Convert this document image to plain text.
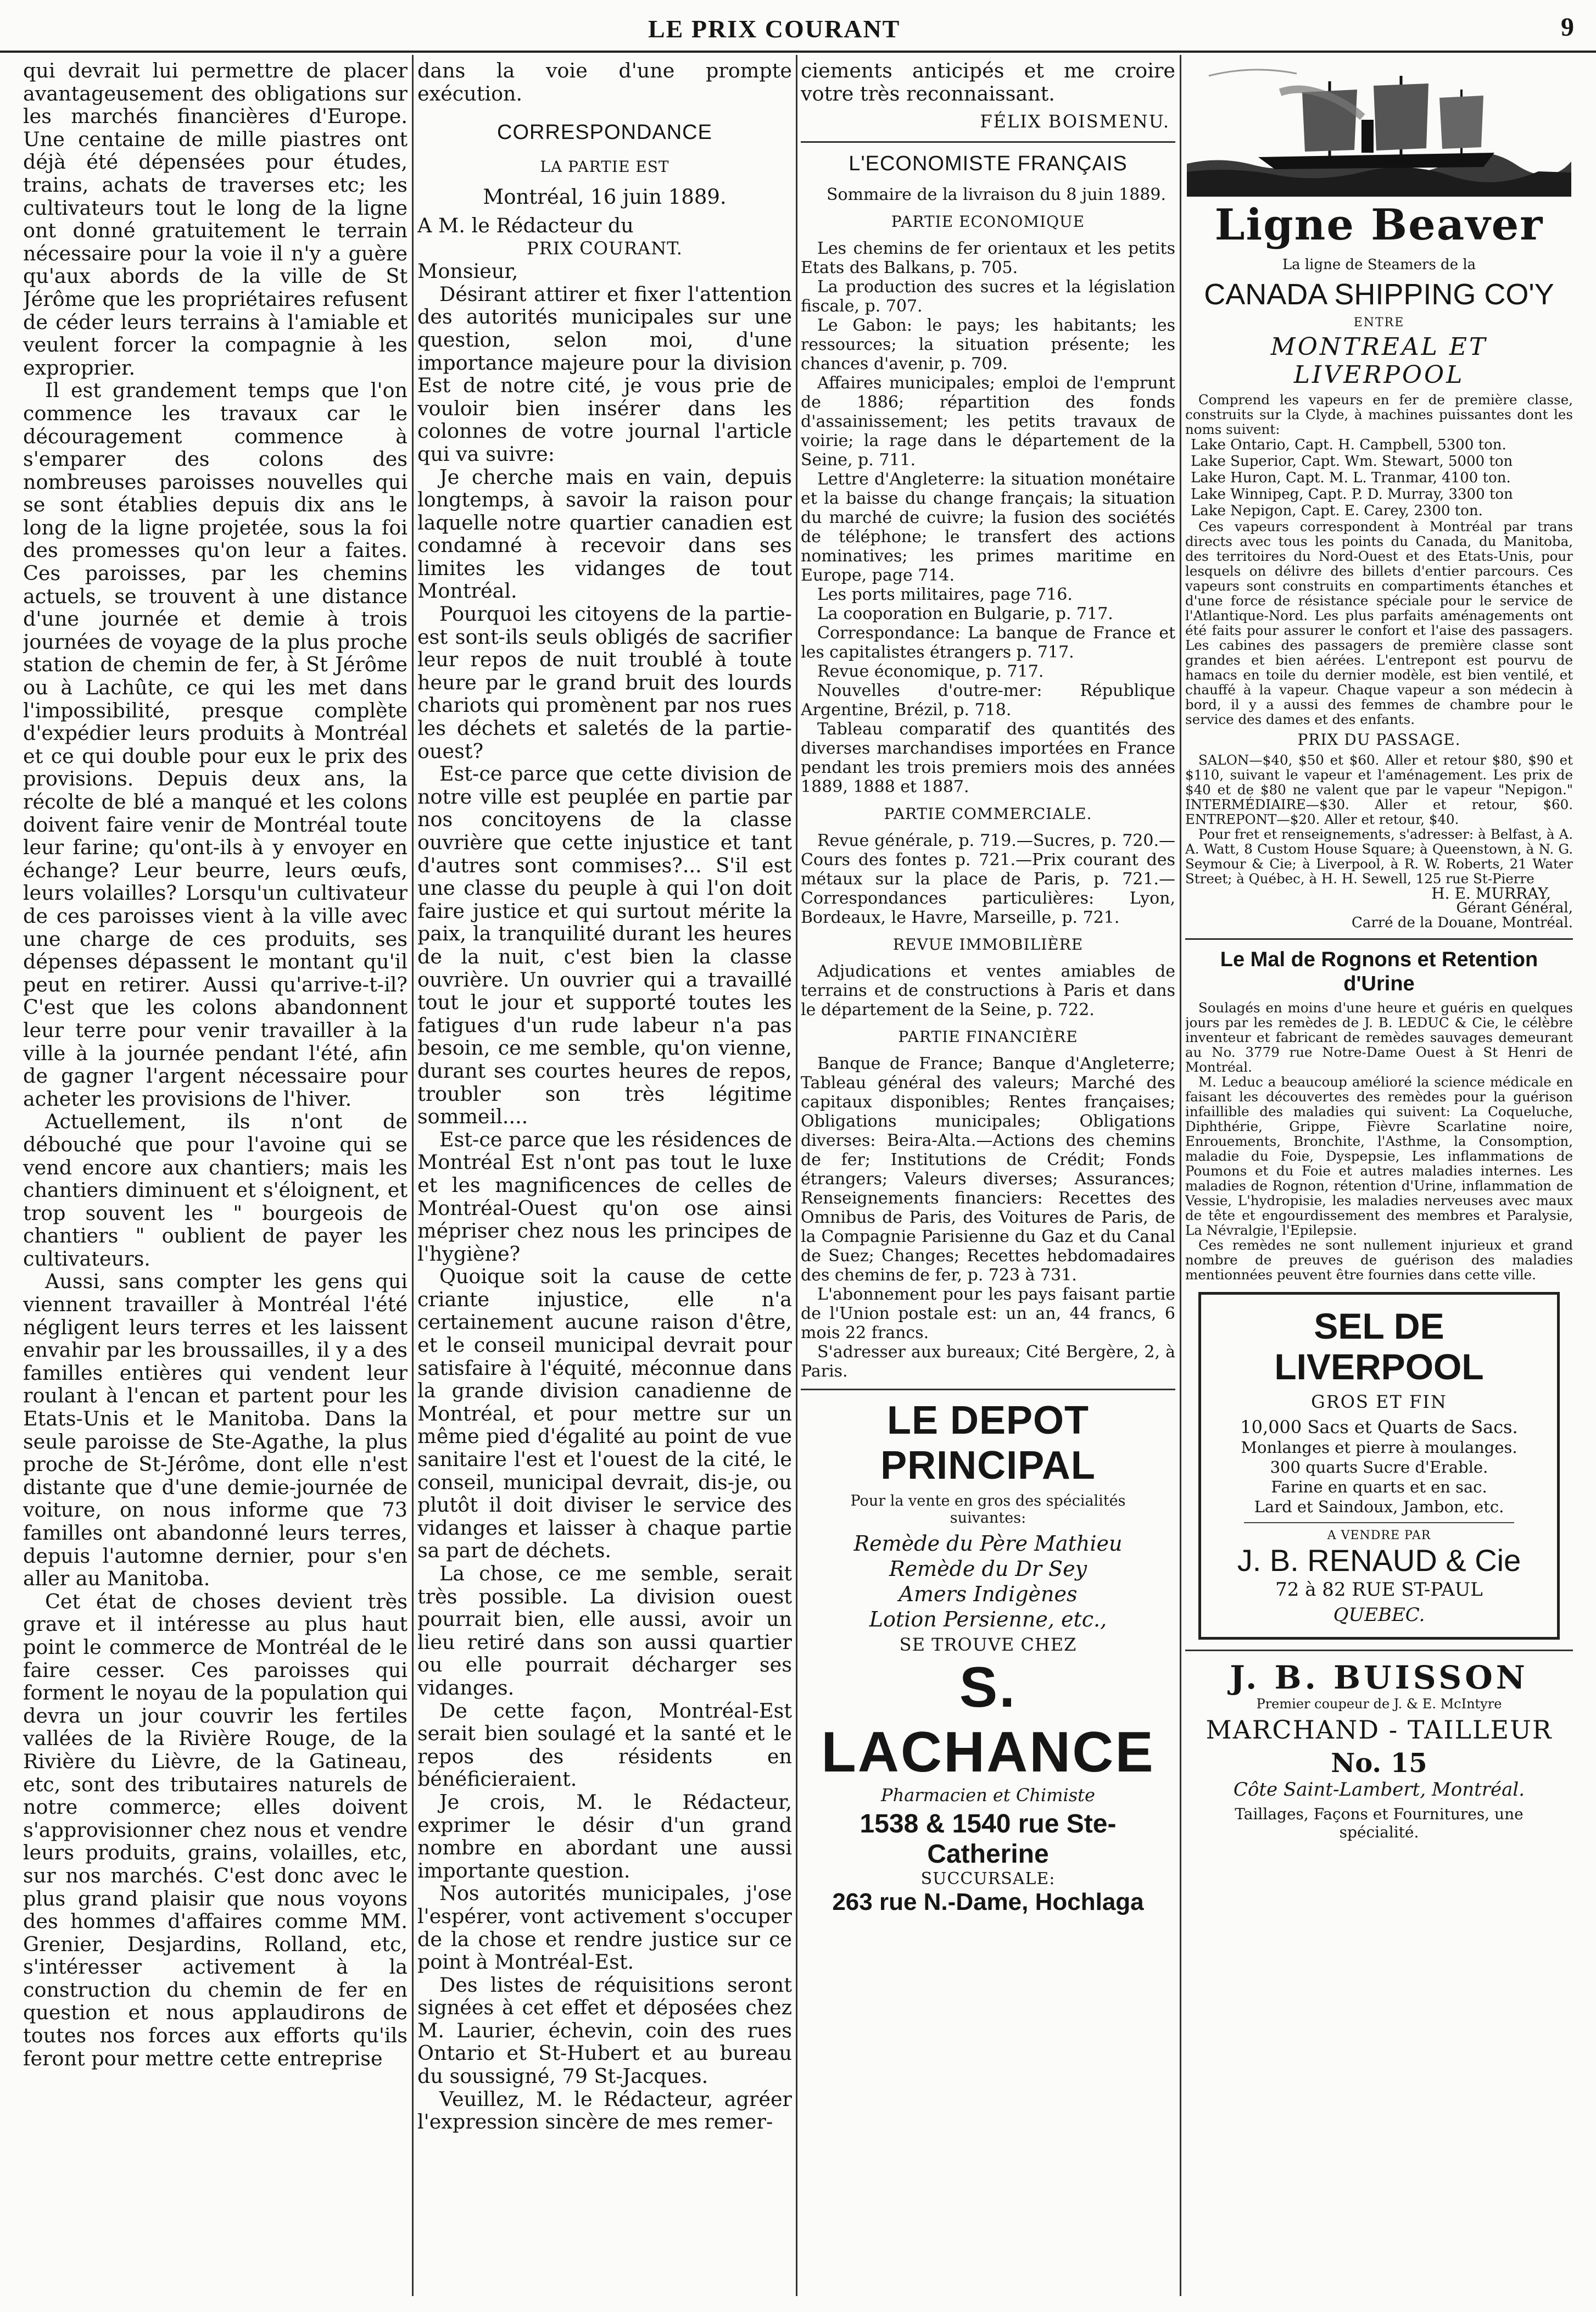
LE PRIX COURANT	9

qui devrait lui permettre de placer avantageusement des obligations sur les marchés financières d'Europe. Une centaine de mille piastres ont déjà été dépensées pour études, trains, achats de traverses etc; les cultivateurs tout le long de la ligne ont donné gratuitement le terrain nécessaire pour la voie il n'y a guère qu'aux abords de la ville de St Jérôme que les propriétaires refusent de céder leurs terrains à l'amiable et veulent forcer la compagnie à les exproprier.

Il est grandement temps que l'on commence les travaux car le découragement commence à s'emparer des colons des nombreuses paroisses nouvelles qui se sont établies depuis dix ans le long de la ligne projetée, sous la foi des promesses qu'on leur a faites. Ces paroisses, par les chemins actuels, se trouvent à une distance d'une journée et demie à trois journées de voyage de la plus proche station de chemin de fer, à St Jérôme ou à Lachûte, ce qui les met dans l'impossibilité, presque complète d'expédier leurs produits à Montréal et ce qui double pour eux le prix des provisions. Depuis deux ans, la récolte de blé a manqué et les colons doivent faire venir de Montréal toute leur farine; qu'ont-ils à y envoyer en échange? Leur beurre, leurs œufs, leurs volailles? Lorsqu'un cultivateur de ces paroisses vient à la ville avec une charge de ces produits, ses dépenses dépassent le montant qu'il peut en retirer. Aussi qu'arrive-t-il? C'est que les colons abandonnent leur terre pour venir travailler à la ville à la journée pendant l'été, afin de gagner l'argent nécessaire pour acheter les provisions de l'hiver.

Actuellement, ils n'ont de débouché que pour l'avoine qui se vend encore aux chantiers; mais les chantiers diminuent et s'éloignent, et trop souvent les " bourgeois de chantiers " oublient de payer les cultivateurs.

Aussi, sans compter les gens qui viennent travailler à Montréal l'été négligent leurs terres et les laissent envahir par les broussailles, il y a des familles entières qui vendent leur roulant à l'encan et partent pour les Etats-Unis et le Manitoba. Dans la seule paroisse de Ste-Agathe, la plus proche de St-Jérôme, dont elle n'est distante que d'une demie-journée de voiture, on nous informe que 73 familles ont abandonné leurs terres, depuis l'automne dernier, pour s'en aller au Manitoba.

Cet état de choses devient très grave et il intéresse au plus haut point le commerce de Montréal de le faire cesser. Ces paroisses qui forment le noyau de la population qui devra un jour couvrir les fertiles vallées de la Rivière Rouge, de la Rivière du Lièvre, de la Gatineau, etc, sont des tributaires naturels de notre commerce; elles doivent s'approvisionner chez nous et vendre leurs produits, grains, volailles, etc, sur nos marchés. C'est donc avec le plus grand plaisir que nous voyons des hommes d'affaires comme MM. Grenier, Desjardins, Rolland, etc, s'intéresser activement à la construction du chemin de fer en question et nous applaudirons de toutes nos forces aux efforts qu'ils feront pour mettre cette entreprise

dans la voie d'une prompte exécution.

CORRESPONDANCE
LA PARTIE EST
Montréal, 16 juin 1889.

A M. le Rédacteur du

PRIX COURANT.

Monsieur,

Désirant attirer et fixer l'attention des autorités municipales sur une question, selon moi, d'une importance majeure pour la division Est de notre cité, je vous prie de vouloir bien insérer dans les colonnes de votre journal l'article qui va suivre:

Je cherche mais en vain, depuis longtemps, à savoir la raison pour laquelle notre quartier canadien est condamné à recevoir dans ses limites les vidanges de tout Montréal.

Pourquoi les citoyens de la partie-est sont-ils seuls obligés de sacrifier leur repos de nuit troublé à toute heure par le grand bruit des lourds chariots qui promènent par nos rues les déchets et saletés de la partie-ouest?

Est-ce parce que cette division de notre ville est peuplée en partie par nos concitoyens de la classe ouvrière que cette injustice et tant d'autres sont commises?... S'il est une classe du peuple à qui l'on doit faire justice et qui surtout mérite la paix, la tranquilité durant les heures de la nuit, c'est bien la classe ouvrière. Un ouvrier qui a travaillé tout le jour et supporté toutes les fatigues d'un rude labeur n'a pas besoin, ce me semble, qu'on vienne, durant ses courtes heures de repos, troubler son très légitime sommeil....

Est-ce parce que les résidences de Montréal Est n'ont pas tout le luxe et les magnificences de celles de Montréal-Ouest qu'on ose ainsi mépriser chez nous les principes de l'hygiène?

Quoique soit la cause de cette criante injustice, elle n'a certainement aucune raison d'être, et le conseil municipal devrait pour satisfaire à l'équité, méconnue dans la grande division canadienne de Montréal, et pour mettre sur un même pied d'égalité au point de vue sanitaire l'est et l'ouest de la cité, le conseil, municipal devrait, dis-je, ou plutôt il doit diviser le service des vidanges et laisser à chaque partie sa part de déchets.

La chose, ce me semble, serait très possible. La division ouest pourrait bien, elle aussi, avoir un lieu retiré dans son aussi quartier ou elle pourrait décharger ses vidanges.

De cette façon, Montréal-Est serait bien soulagé et la santé et le repos des résidents en bénéficieraient.

Je crois, M. le Rédacteur, exprimer le désir d'un grand nombre en abordant une aussi importante question.

Nos autorités municipales, j'ose l'espérer, vont activement s'occuper de la chose et rendre justice sur ce point à Montréal-Est.

Des listes de réquisitions seront signées à cet effet et déposées chez M. Laurier, échevin, coin des rues Ontario et St-Hubert et au bureau du soussigné, 79 St-Jacques.

Veuillez, M. le Rédacteur, agréer l'expression sincère de mes remer-

ciements anticipés et me croire votre très reconnaissant.

FÉLIX BOISMENU.
L'ECONOMISTE FRANÇAIS

Sommaire de la livraison du 8 juin 1889.

PARTIE ECONOMIQUE

Les chemins de fer orientaux et les petits Etats des Balkans, p. 705.

La production des sucres et la législation fiscale, p. 707.

Le Gabon: le pays; les habitants; les ressources; la situation présente; les chances d'avenir, p. 709.

Affaires municipales; emploi de l'emprunt de 1886; répartition des fonds d'assainissement; les petits travaux de voirie; la rage dans le département de la Seine, p. 711.

Lettre d'Angleterre: la situation monétaire et la baisse du change français; la situation du marché de cuivre; la fusion des sociétés de téléphone; le transfert des actions nominatives; les primes maritime en Europe, page 714.

Les ports militaires, page 716.

La cooporation en Bulgarie, p. 717.

Correspondance: La banque de France et les capitalistes étrangers p. 717.

Revue économique, p. 717.

Nouvelles d'outre-mer: République Argentine, Brézil, p. 718.

Tableau comparatif des quantités des diverses marchandises importées en France pendant les trois premiers mois des années 1889, 1888 et 1887.

PARTIE COMMERCIALE.

Revue générale, p. 719.—Sucres, p. 720.—Cours des fontes p. 721.—Prix courant des métaux sur la place de Paris, p. 721.—Correspondances particulières: Lyon, Bordeaux, le Havre, Marseille, p. 721.

REVUE IMMOBILIÈRE

Adjudications et ventes amiables de terrains et de constructions à Paris et dans le département de la Seine, p. 722.

PARTIE FINANCIÈRE

Banque de France; Banque d'Angleterre; Tableau général des valeurs; Marché des capitaux disponibles; Rentes françaises; Obligations municipales; Obligations diverses: Beira-Alta.—Actions des chemins de fer; Institutions de Crédit; Fonds étrangers; Valeurs diverses; Assurances; Renseignements financiers: Recettes des Omnibus de Paris, des Voitures de Paris, de la Compagnie Parisienne du Gaz et du Canal de Suez; Changes; Recettes hebdomadaires des chemins de fer, p. 723 à 731.

L'abonnement pour les pays faisant partie de l'Union postale est: un an, 44 francs, 6 mois 22 francs.

S'adresser aux bureaux; Cité Bergère, 2, à Paris.

LE DEPOT PRINCIPAL
Pour la vente en gros des spécialités suivantes:
Remède du Père Mathieu
Remède du Dr Sey
Amers Indigènes
Lotion Persienne, etc.,
SE TROUVE CHEZ
S. LACHANCE
Pharmacien et Chimiste
1538 & 1540 rue Ste-Catherine
SUCCURSALE:
263 rue N.-Dame, Hochlaga
Ligne Beaver
La ligne de Steamers de la
CANADA SHIPPING CO'Y
ENTRE
MONTREAL ET LIVERPOOL

Comprend les vapeurs en fer de première classe, construits sur la Clyde, à machines puissantes dont les noms suivent:

Lake Ontario, Capt. H. Campbell, 5300 ton.
Lake Superior, Capt. Wm. Stewart, 5000 ton
Lake Huron, Capt. M. L. Tranmar, 4100 ton.
Lake Winnipeg, Capt. P. D. Murray, 3300 ton
Lake Nepigon, Capt. E. Carey, 2300 ton.

Ces vapeurs correspondent à Montréal par trans directs avec tous les points du Canada, du Manitoba, des territoires du Nord-Ouest et des Etats-Unis, pour lesquels on délivre des billets d'entier parcours. Ces vapeurs sont construits en compartiments étanches et d'une force de résistance spéciale pour le service de l'Atlantique-Nord. Les plus parfaits aménagements ont été faits pour assurer le confort et l'aise des passagers. Les cabines des passagers de première classe sont grandes et bien aérées. L'entrepont est pourvu de hamacs en toile du dernier modèle, est bien ventilé, et chauffé à la vapeur. Chaque vapeur a son médecin à bord, il y a aussi des femmes de chambre pour le service des dames et des enfants.

PRIX DU PASSAGE.

SALON—$40, $50 et $60. Aller et retour $80, $90 et $110, suivant le vapeur et l'aménagement. Les prix de $40 et de $80 ne valent que par le vapeur "Nepigon." INTERMÉDIAIRE—$30. Aller et retour, $60. ENTREPONT—$20. Aller et retour, $40.

Pour fret et renseignements, s'adresser: à Belfast, à A. A. Watt, 8 Custom House Square; à Queenstown, à N. G. Seymour & Cie; à Liverpool, à R. W. Roberts, 21 Water Street; à Québec, à H. H. Sewell, 125 rue St-Pierre

H. E. MURRAY,
Gérant Général,
Carré de la Douane, Montréal.
Le Mal de Rognons et Retention d'Urine

Soulagés en moins d'une heure et guéris en quelques jours par les remèdes de J. B. LEDUC & Cie, le célèbre inventeur et fabricant de remèdes sauvages demeurant au No. 3779 rue Notre-Dame Ouest à St Henri de Montréal.

M. Leduc a beaucoup amélioré la science médicale en faisant les découvertes des remèdes pour la guérison infaillible des maladies qui suivent: La Coqueluche, Diphthérie, Grippe, Fièvre Scarlatine noire, Enrouements, Bronchite, l'Asthme, la Consomption, maladie du Foie, Dyspepsie, Les inflammations de Poumons et du Foie et autres maladies internes. Les maladies de Rognon, rétention d'Urine, inflammation de Vessie, L'hydropisie, les maladies nerveuses avec maux de tête et engourdissement des membres et Paralysie, La Névralgie, l'Epilepsie.

Ces remèdes ne sont nullement injurieux et grand nombre de preuves de guérison des maladies mentionnées peuvent être fournies dans cette ville.

SEL DE LIVERPOOL
GROS ET FIN
10,000 Sacs et Quarts de Sacs.
Monlanges et pierre à moulanges.
300 quarts Sucre d'Erable.
Farine en quarts et en sac.
Lard et Saindoux, Jambon, etc.
A VENDRE PAR
J. B. RENAUD & Cie
72 à 82 RUE ST-PAUL
QUEBEC.
J. B. BUISSON
Premier coupeur de J. & E. McIntyre
MARCHAND - TAILLEUR
No. 15
Côte Saint-Lambert, Montréal.
Taillages, Façons et Fournitures, une spécialité.
